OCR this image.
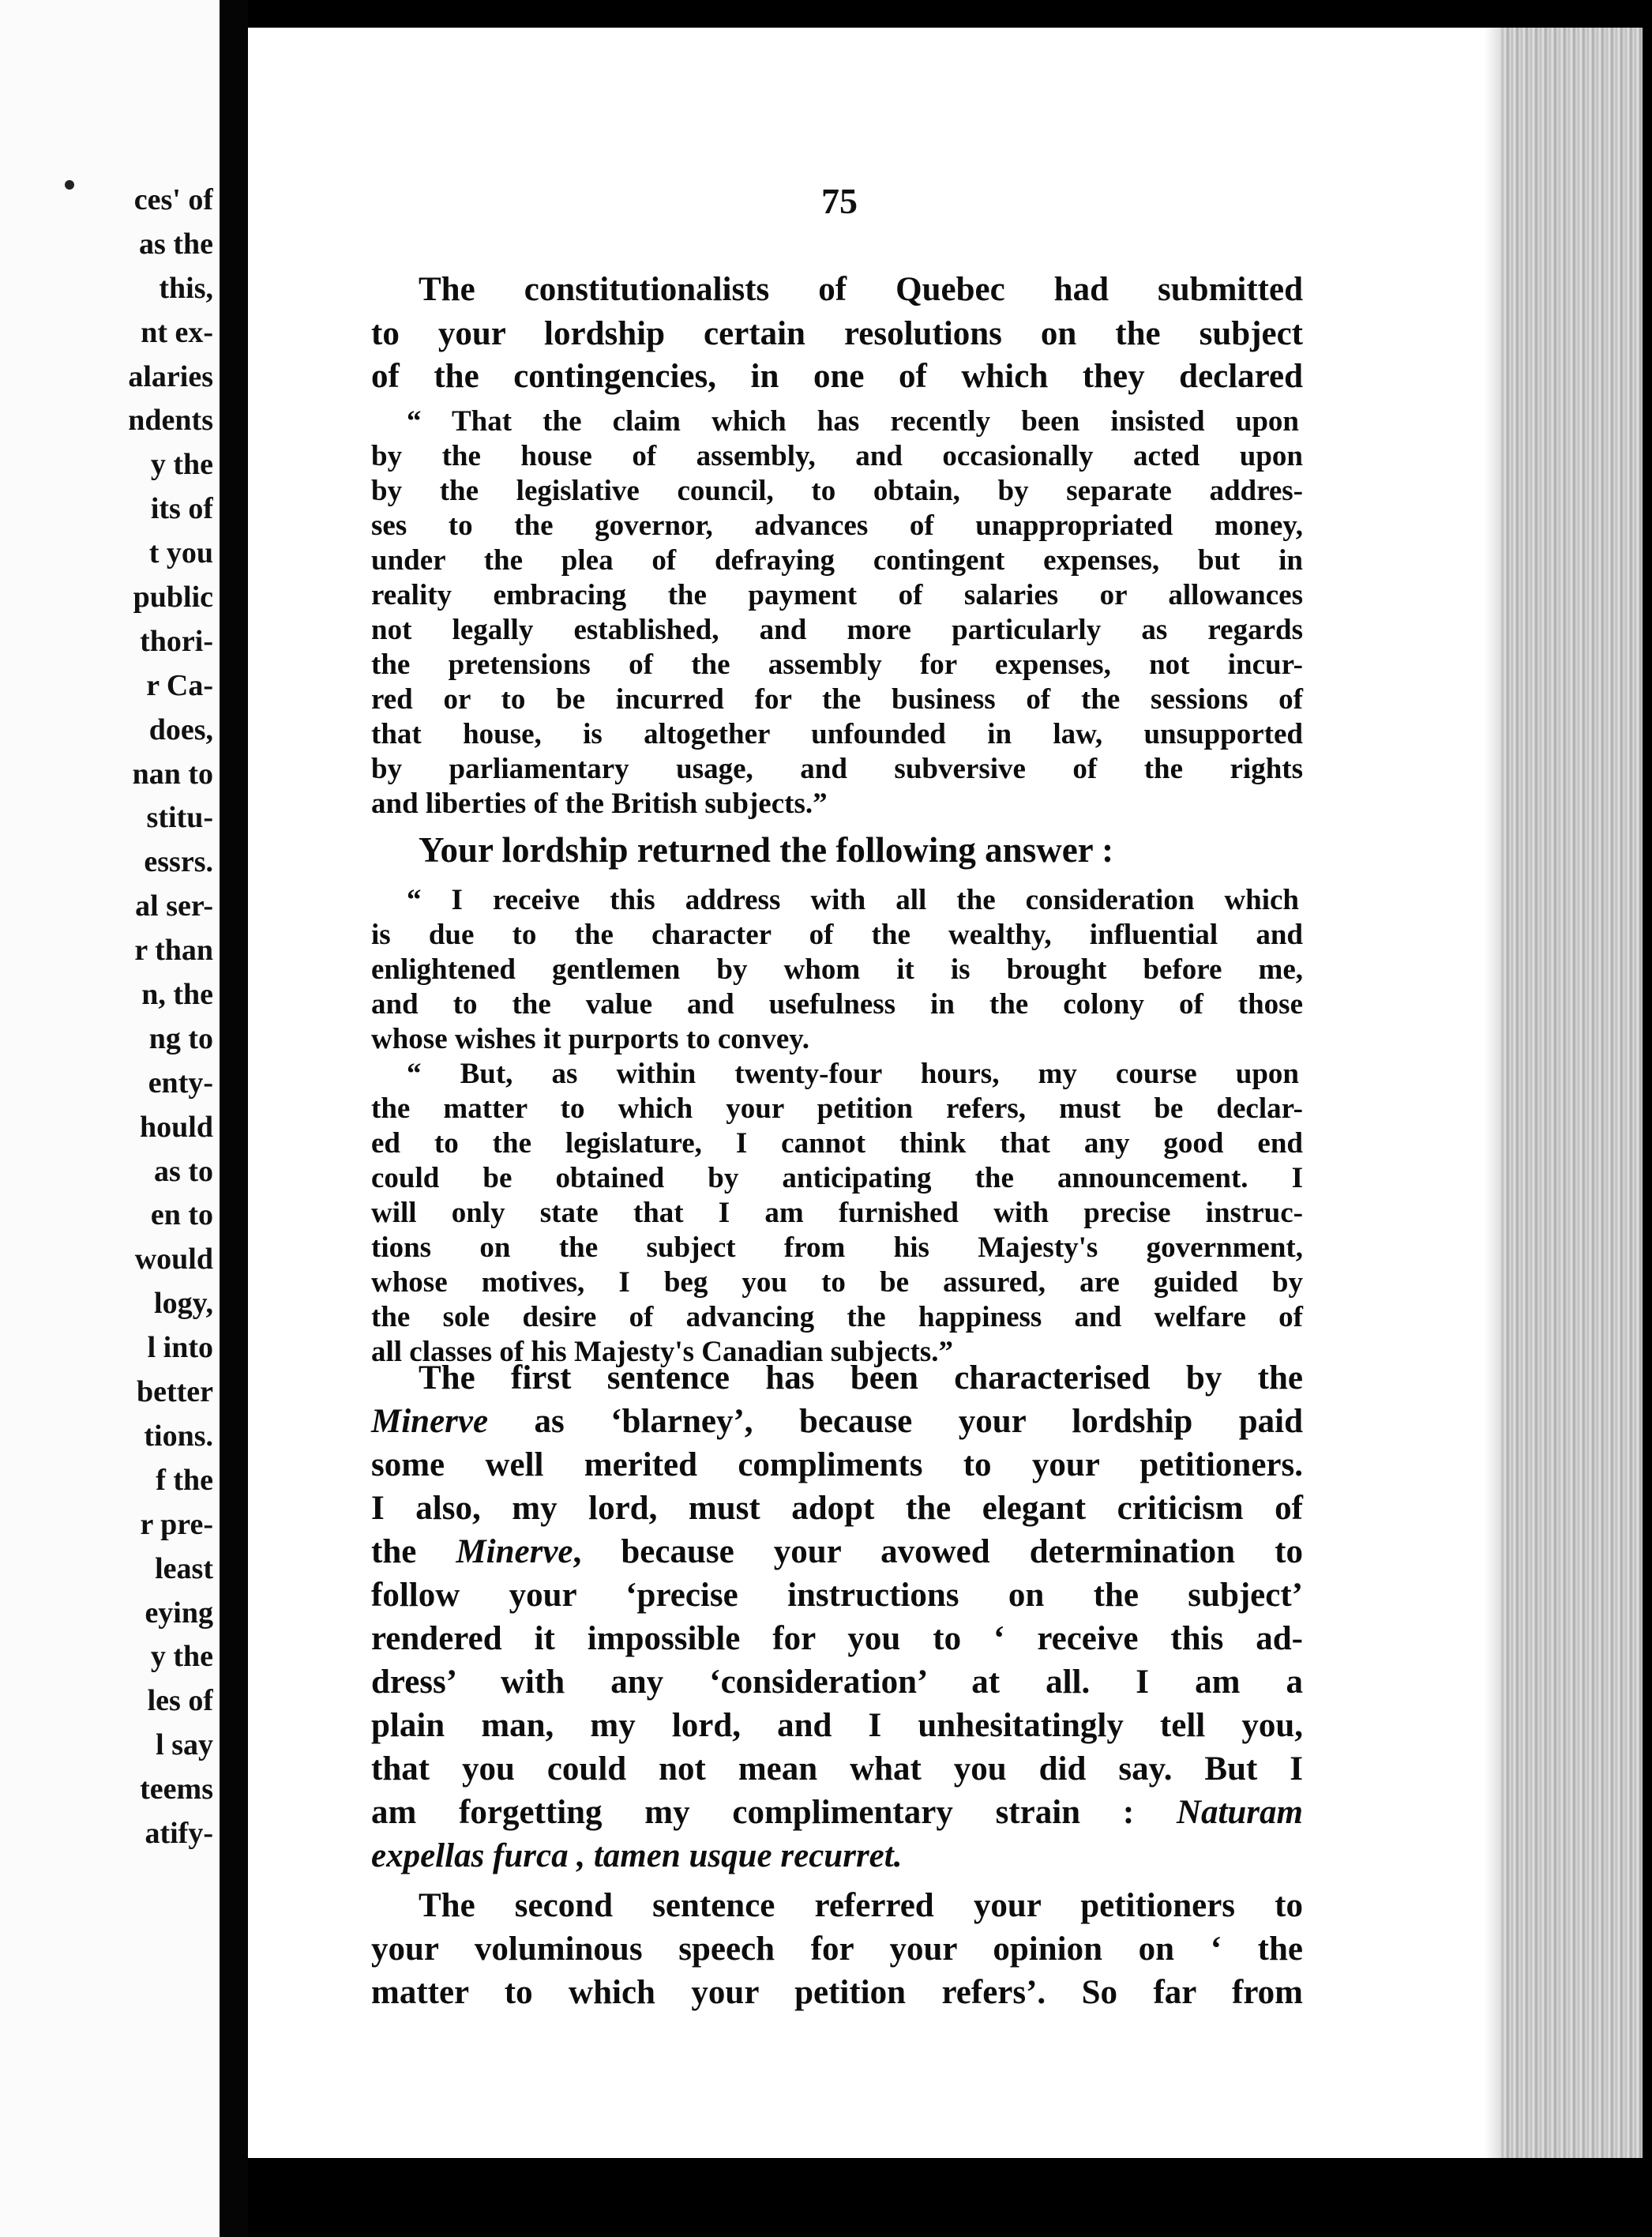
ces' of
as the
this,
nt ex-
alaries
ndents
y the
its of
t you
public
thori-
r Ca-
does,
nan to
stitu-
essrs.
al ser-
r than
n, the
ng to
enty-
hould
as to
en to
would
logy,
l into
better
tions.
f the
r pre-
least
eying
y the
les of
l say
teems
atify-
75
The constitutionalists of Quebec had submitted
to your lordship certain resolutions on the subject
of the contingencies, in one of which they declared
“ That the claim which has recently been insisted upon
by the house of assembly, and occasionally acted upon
by the legislative council, to obtain, by separate addres-
ses to the governor, advances of unappropriated money,
under the plea of defraying contingent expenses, but in
reality embracing the payment of salaries or allowances
not legally established, and more particularly as regards
the pretensions of the assembly for expenses, not incur-
red or to be incurred for the business of the sessions of
that house, is altogether unfounded in law, unsupported
by parliamentary usage, and subversive of the rights
and liberties of the British subjects.”
Your lordship returned the following answer :
“ I receive this address with all the consideration which
is due to the character of the wealthy, influential and
enlightened gentlemen by whom it is brought before me,
and to the value and usefulness in the colony of those
whose wishes it purports to convey.
“ But, as within twenty-four hours, my course upon
the matter to which your petition refers, must be declar-
ed to the legislature, I cannot think that any good end
could be obtained by anticipating the announcement. I
will only state that I am furnished with precise instruc-
tions on the subject from his Majesty's government,
whose motives, I beg you to be assured, are guided by
the sole desire of advancing the happiness and welfare of
all classes of his Majesty's Canadian subjects.”
The first sentence has been characterised by the
Minerve as ‘blarney’, because your lordship paid
some well merited compliments to your petitioners.
I also, my lord, must adopt the elegant criticism of
the Minerve, because your avowed determination to
follow your ‘precise instructions on the subject’
rendered it impossible for you to ‘ receive this ad-
dress’ with any ‘consideration’ at all. I am a
plain man, my lord, and I unhesitatingly tell you,
that you could not mean what you did say. But I
am forgetting my complimentary strain : Naturam
expellas furca , tamen usque recurret.
The second sentence referred your petitioners to
your voluminous speech for your opinion on ‘ the
matter to which your petition refers’. So far from
